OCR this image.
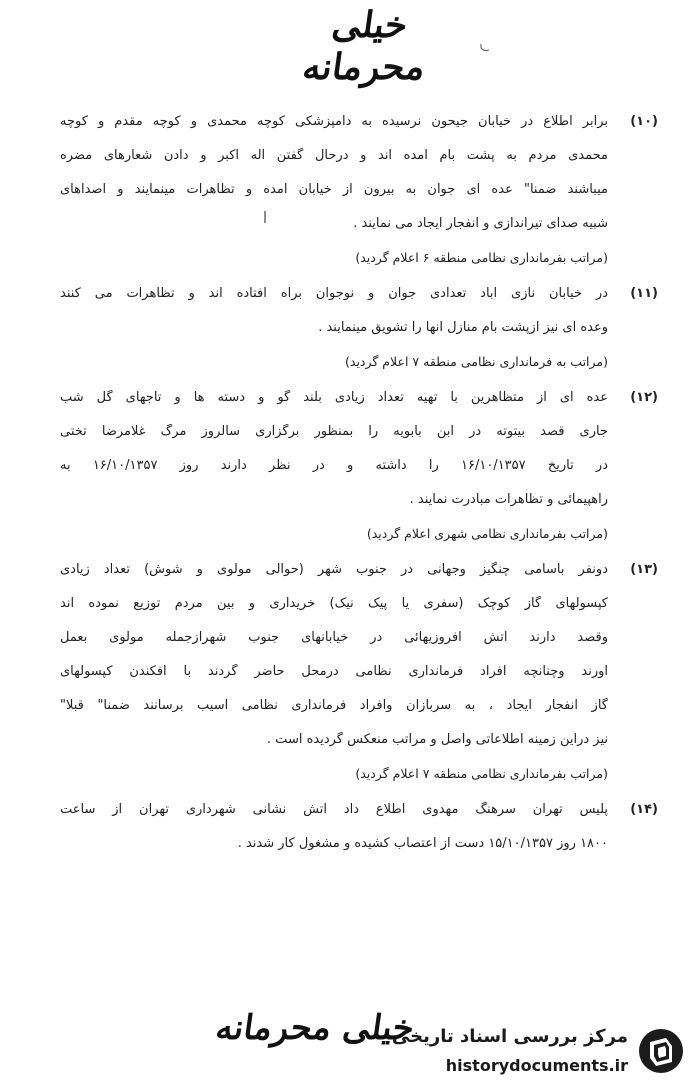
خیلی محرمانه
(۱۰)
برابر اطلاع در خیابان جیحون نرسیده به دامپزشکی کوچه محمدی و کوچه مقدم و کوچه
محمدی مردم به پشت بام امده اند و درحال گفتن اله اکبر و دادن شعارهای مضره
میباشند ضمنا" عده ای جوان به بیرون از خیابان آمده و تظاهرات مینمایند و اصداهای
شبیه صدای تیراندازی و انفجار ایجاد می نمایند .
(مراتب بفرمانداری نظامی منطقه ۶ اعلام گردید)
(۱۱)
در خیابان نازی آباد تعدادی جوان و نوجوان براه افتاده اند و تظاهرات می کنند
وعده ای نیز ازپشت بام منازل آنها را تشویق مینمایند .
(مراتب به فرمانداری نظامی منطقه ۷ اعلام گردید)
(۱۲)
عده ای از متظاهرین با تهیه تعداد زیادی بلند گو و دسته ها و تاجهای گل شب
جاری قصد بیتوته در ابن بابویه را بمنظور برگزاری سالروز مرگ غلامرضا تختی
در تاریخ ۱۶/۱۰/۱۳۵۷ را داشته و در نظر دارند روز ۱۶/۱۰/۱۳۵۷ به
راهپیمائی و تظاهرات مبادرت نمایند .
(مراتب بفرمانداری نظامی شهری اعلام گردید)
(۱۳)
دونفر باسامی چنگیز وجهانی در جنوب شهر (حوالی مولوی و شوش) تعداد زیادی
کپسولهای گاز کوچک (سفری یا پیک نیک) خریداری و بین مردم توزیع نموده اند
وقصد دارند آتش افروزیهائی در خیابانهای جنوب شهرازجمله مولوی بعمل
آورند وچنانچه افراد فرمانداری نظامی درمحل حاضر گردند با افکندن کپسولهای
گاز انفجار ایجاد ، به سربازان وافراد فرمانداری نظامی آسیب برسانند ضمنا" قبلا"
نیز دراین زمینه اطلاعاتی واصل و مراتب منعکس گردیده است .
(مراتب بفرمانداری نظامی منطقه ۷ اعلام گردید)
(۱۴)
پلیس تهران سرهنگ مهدوی اطلاع داد آتش نشانی شهرداری تهران از ساعت
۱۸۰۰ روز ۱۵/۱۰/۱۳۵۷ دست از اعتصاب کشیده و مشغول کار شدند .
خیلی محرمانه
مرکز بررسی اسناد تاریخی
historydocuments.ir
